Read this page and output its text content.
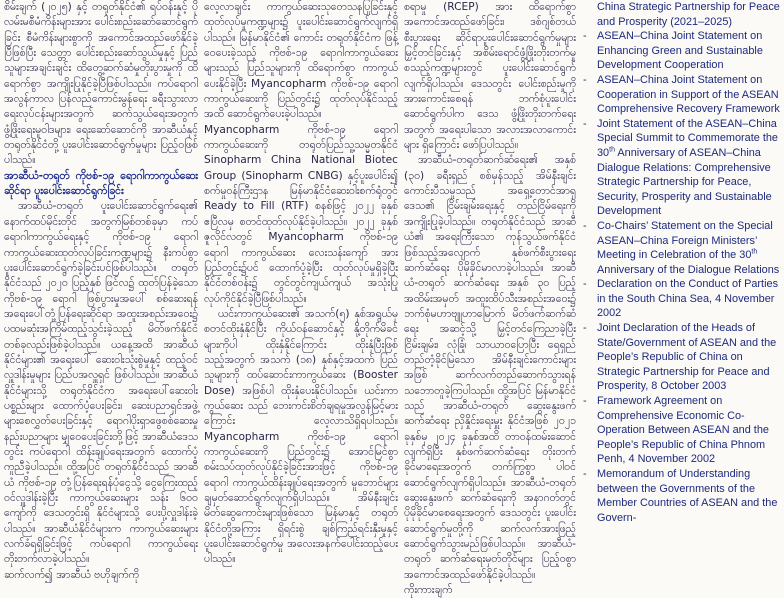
စိမ်းချက် (၂၀၂၅) နှင့် တရုတ်နိုင်ငံ၏ ရပ်ဝန်းနှင့် ပိုလမ်းမစီမံကိန်းများအား ပေါင်းစည်းဆော်ဆောင်ရွက်ခြင်း စီမံကိန်းများစွာကို အကောင်အထည်ဖော်နိုင်ခဲ့ပြီဖြစ်ပြီး သေတ္တာ ပေါင်းစည်းဆော်သွယ်မှုနှင့် ပြည်သူများအချင်းချင်း ထိတွေ့ဆက်ဆံမှုတိုးပွားမှုကို ထိရောက်စွာ အကျိုးပြုနိုင်ခဲ့ပြီဖြစ်ပါသည်။ ကပ်ရောဂါအလွန်ကာလ ပြန်လည်ကောင်းမွန်ရေး ခရီးသွားလာရေးလုပ်ငန်းများအတွက် ဆက်သွယ်ရေးအတွက်ဖွံ့ဖြိုးရေးမူဝါဒများ၊ ရေးဆော်ဆောင်ကို အာဆီယံနှင့် တရုတ်နိုင်ငံတို့ ပူးပေါင်းဆောင်ရွက်မှုများ ပြည့်ဝဖြစ်ပါသည်။

အာဆီယံ-တရုတ် ကိုဗစ်-၁၉ ရောဂါကာကွယ်ဆေးဆိုင်ရာ ပူးပေါင်းဆောင်ရွက်ခြင်း

အာဆီယံ-တရုတ် ပူးပေါင်းဆောင်ရွက်ရေး၏ နောက်ထပ်မိုင်းတိုင် အတွက်မြစ်တစ်ခုမှာ ကပ်ရောဂါကာကွယ်ရေးနှင့် ကိုဗစ်-၁၉ ရောဂါ ကာကွယ်ဆေးထုတ်လုပ်ခြင်းကဏ္ဍများ၌ နီးကပ်စွာပူးပေါင်းဆောင်ရွက်ခဲ့ခြင်းပင်ဖြစ်ပါသည်။ တရုတ်နိုင်ငံသည် ၂၀၂၀ ပြည့်နှစ် ဖြင်လ၌ ထုတ်ပြန်ခဲ့သော ကိုဗစ်-၁၉ ရောဂါ ဖြစ်ပွားမှုအပေါ် စစ်ဆေးရန် အရေးပေါ်တုံ့ပြန်ရေးဆိုင်ရာ အထူးအစည်းအဝေး၌ ပထမဆုံးအကြိမ်ထည့်သွင်းခဲ့သည့် မိတ်ဖက်နိုင်ငံ တစ်ခုလည်းဖြစ်ခဲ့ပါသည်။ ယနေ့အထိ အာဆီယံနိုင်ငံများ၏ အရေးပေါ် ဆေးဝါးသုံးစွဲမှုနှင့် ထည့်ဝင်လှူဒါန်းမှုများ ပြည်ပအလှူရှင် ဖြစ်ပါသည်။ အာဆီယံနိုင်ငံများသို့ တရုတ်နိုင်ငံက အရေးပေါ်ဆေးဝါးပစ္စည်းများ ထောက်ပံ့ပေးခြင်း၊ ဆေးပညာရှင်အဖွဲ့များစေလွှတ်ပေးခြင်းနှင့် ရောဂါပိုးရှာဖွေစစ်ဆေးမှု နည်းပညာများ မျှဝေပေးခြင်းတို့ဖြင့် အာဆီယံဒေသတွင်း ကပ်ရောဂါ ထိန်းချုပ်ရေးအတွက် ထောက်ပံ့ကူညီခဲ့ပါသည်။ ထို့အပြင် တရုတ်နိုင်ငံသည် အာဆီယံ ကိုဗစ်-၁၉ တုံ့ပြန်ရေးရန်ပုံငွေသို့ ငွေကြေးထည့်ဝင်လှူဒါန်းခဲ့ပြီး ကာကွယ်ဆေးများ သန်း ၆၀၀ ကျော်ကို ဒေသတွင်းရှိ နိုင်ငံများသို့ ပေးပို့လှူဒါန်းခဲ့ပါသည်။ အာဆီယံနိုင်ငံများက ကာကွယ်ဆေးများ လက်ခံရရှိခြင်းဖြင့် ကပ်ရောဂါ ကာကွယ်ရေး တိုးတက်လာခဲ့ပါသည်။

ဆက်လက်၍ အာဆီယံ ဗဟိုချက်ကို

လေ့လာချင်း ကာကွယ်ဆေးသုတေသနပြုခြင်းနှင့် ထုတ်လုပ်မှုကဏ္ဍများ၌ ပူးပေါင်းဆောင်ရွက်လျက်ရှိပါသည်။ မြန်မာနိုင်ငံ၏ ကောင်း တရုတ်နိုင်ငံက ဖြန့်ဝေပေးခဲ့သည့် ကိုဗစ်-၁၉ ရောဂါကာကွယ်ဆေးများသည် ပြည်သူများကို ထိရောက်စွာ ကာကွယ်ပေးနိုင်ခဲ့ပြီး Myancopharm ကိုဗစ်-၁၉ ရောဂါကာကွယ်ဆေးကို ပြည်တွင်း၌ ထုတ်လုပ်နိုင်သည့်အထိ ဆောင်ရွက်ပေးခဲ့ပါသည်။

Myancopharm ကိုဗစ်-၁၉ ရောဂါ ကာကွယ်ဆေးကို တရုတ်ပြည်သူ့သမ္မတနိုင်ငံ Sinopharm China National Biotec Group (Sinopharm CNBG) နှင့်ပူးပေါင်း၍ စက်မှုဝန်ကြီးဌာန မြန်မာနိုင်ငံဆေးဝါးစက်ရုံတွင် Ready to Fill (RTF) စနစ်ဖြင့် ၂၀၂၂ ခုနှစ် ဧပြီလမှ စတင်ထုတ်လုပ်နိုင်ခဲ့ပါသည်။ ၂၀၂၂ ခုနှစ် ဇူလိုင်လတွင် Myancopharm ကိုဗစ်-၁၉ ရောဂါ ကာကွယ်ဆေး လေးသန်းကျော် အား ပြည်တွင်း၌ပင် ထောက်ပံ့ခဲ့ပြီး ထုတ်လုပ်မှုရှိခဲ့ပြီး နိုင်ငံတစ်ဝန်း၌ တွင်တွင်ကျယ်ကျယ် အသုံးပြုလုပ်ကိုင်နိုင်ခဲ့ပြီဖြစ်ပါသည်။

ယင်းကာကွယ်ဆေး၏ အသက်(၅) နှစ်အရွယ်မှ စတင်ထိုးနှံနိုင်ပြီး ကိုယ်ဝန်ဆောင်နှင့် နို့တိုက်မိခင်များကိုပါ ထိုးနှံနိုင်ကြောင်း ထိုးနှံပြီးဖြစ်သည့်အတွက် အသက် (၁၈) နှစ်နှင့်အထက် ပြည်သူများကို ထပ်ဆောင်းကာကွယ်ဆေး (Booster Dose) အဖြစ်ပါ ထိုးနှံပေးနိုင်ပါသည်။ ယင်းကာကွယ်ဆေး သည် ဘေးကင်းစိတ်ချရမှုအလွန်မြင့်မားကြောင်း လေ့လာသိရှိရပါသည်။ Myancopharm ကိုဗစ်-၁၉ ရောဂါ ကာကွယ်ဆေးကို ပြည်တွင်း၌ အောင်မြင်စွာ စမ်းသပ်ထုတ်လုပ်နိုင်ခဲ့ခြင်းအားဖြင့် ကိုဗစ်-၁၉ ရောဂါ ကာကွယ်ထိန်းချုပ်ရေးအတွက် မူဘောင်များ ချမှတ်ဆောင်ရွက်လျက်ရှိပါသည်။ အိမ်နီးချင်းမိတ်ဆွေကောင်းများဖြစ်သော မြန်မာနှင့် တရုတ် နိုင်ငံတို့အကြား ရှိရင်းစွဲ ချစ်ကြည်ရင်းနှီးမှုနှင့် ပူးပေါင်းဆောင်ရွက်မှု အလေးအနက်ပေါင်းထည့်ပေးပါသည်။

စရာမှု (RCEP) အား ထိရောက်စွာအကောင်အထည်ဖော်ခြင်း၊ ဒစ်ဂျစ်တယ်စီးပွားရေး ဆိုင်ရာပူးပေါင်းဆောင်ရွက်မှုများ မြှင့်တင်ခြင်းနှင့် အစိမ်းရောင်ဖွံ့ဖြိုးတိုးတက်မှု စသည့်ကဏ္ဍများတွင် ပူးပေါင်းဆောင်ရွက်လျက်ရှိပါသည်။ ဒေသတွင်း ပေါင်းစည်းမှုကို အားကောင်းစေရန် ဘက်စုံပူးပေါင်းဆောင်ရွက်ပါက ဒေသ ဖွံ့ဖြိုးတိုးတက်ရေးအတွက် အရေးပါသော အလားအလာကောင်းများ ရှိကြောင်း ဖော်ပြပါသည်။

အာဆီယံ-တရုတ်ဆက်ဆံရေး၏ အနှစ် (၃၀) ခရီးရှည် စစ်မှန်သည့် အိမ်နီးချင်းကောင်းပီသမှုသည် အရှေ့တောင်အာရှဒေသ၏ ငြိမ်းချမ်းရေးနှင့် တည်ငြိမ်ရေးကို အကျိုးပြုခဲ့ပါသည်။ တရုတ်နိုင်ငံသည် အာဆီယံ၏ အရေးကြီးသော ကုန်သွယ်ဖက်နိုင်ငံ ဖြစ်သည့်အလျောက် နှစ်ဖက်စီးပွားရေး ဆက်ဆံရေး ပိုမိုခိုင်မာလာခဲ့ပါသည်။ အာဆီယံ-တရုတ် ဆက်ဆံရေး အနှစ် ၃၀ ပြည့်အထိမ်းအမှတ် အထူးထိပ်သီးအစည်းအဝေး၌ ဘက်စုံမဟာဗျူဟာမြောက် မိတ်ဖက်ဆက်ဆံရေး အဆင့်သို့ မြှင့်တင်ကြေညာခဲ့ပြီး ငြိမ်းချမ်း၊ လုံခြုံ၊ သာယာဝပြောပြီး ရေရှည်တည်တံ့ခိုင်မြဲသော အိမ်နီးချင်းကောင်းများ အဖြစ် ဆက်လက်တည်ဆောက်သွားရန် သဘောတူခဲ့ကြပါသည်။ ထို့အပြင် မြန်မာနိုင်ငံသည် အာဆီယံ-တရုတ် ဆွေးနွေးဖက် ဆက်ဆံရေး ညှိနှိုင်းရေးမှူး နိုင်ငံအဖြစ် ၂၀၂၁ ခုနှစ်မှ ၂၀၂၄ ခုနှစ်အထိ တာဝန်ထမ်းဆောင်လျက်ရှိပြီး နှစ်ဖက်ဆက်ဆံရေး တိုးတက်ခိုင်မာရေးအတွက် တက်ကြွစွာ ပါဝင်ဆောင်ရွက်လျက်ရှိပါသည်။ အာဆီယံ-တရုတ် ဆွေးနွေးဖက် ဆက်ဆံရေးကို အနာဂတ်တွင် ပိုမိုခိုင်မာစေရေးအတွက် ဒေသတွင်း ပူးပေါင်းဆောင်ရွက်မှုတို့ကို ဆက်လက်အားဖြည့်ဆောင်ရွက်သွားမည်ဖြစ်ပါသည်။ အာဆီယံ-တရုတ် ဆက်ဆံရေးမှတ်တိုင်များ ပြည့်ဝစွာ အကောင်အထည်ဖော်နိုင်ခဲ့ပါသည်။

ကိုးကားချက်

China Strategic Partnership for Peace and Prosperity (2021–2025)
- ASEAN–China Joint Statement on Enhancing Green and Sustainable Development Cooperation
- ASEAN–China Joint Statement on Cooperation in Support of the ASEAN Comprehensive Recovery Framework
- Joint Statement of the ASEAN–China Special Summit to Commemorate the 30th Anniversary of ASEAN–China Dialogue Relations: Comprehensive Strategic Partnership for Peace, Security, Prosperity and Sustainable Development
- Co-Chairs’ Statement on the Special ASEAN–China Foreign Ministers’ Meeting in Celebration of the 30th Anniversary of the Dialogue Relations
- Declaration on the Conduct of Parties in the South China Sea, 4 November 2002
- Joint Declaration of the Heads of State/Government of ASEAN and the People’s Republic of China on Strategic Partnership for Peace and Prosperity, 8 October 2003
- Framework Agreement on Comprehensive Economic Co-Operation Between ASEAN and the People’s Republic of China Phnom Penh, 4 November 2002
- Memorandum of Understanding between the Governments of the Member Countries of ASEAN and the Govern-
